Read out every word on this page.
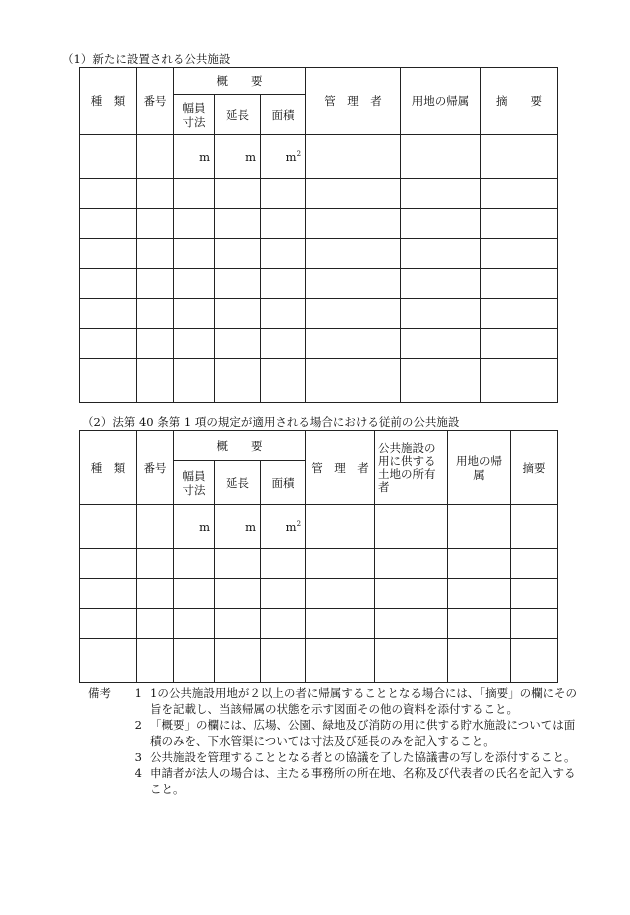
（1）新たに設置される公共施設
種　類	番号	概　　要			管　理　者	用地の帰属	摘　　要
		幅員寸法	延長	面積			
		m	m	$m^2$			

（2）法第 40 条第 1 項の規定が適用される場合における従前の公共施設
種　類	番号	概　　要			管　理　者	公共施設の用に供する土地の所有者	用地の帰属	摘要
		幅員寸法	延長	面積				
		m	m	$m^2$				

備考	1 1の公共施設用地が２以上の者に帰属することとなる場合には、「摘要」の欄にその旨を記載し、当該帰属の状態を示す図面その他の資料を添付すること。
2 「概要」の欄には、広場、公園、緑地及び消防の用に供する貯水施設については面積のみを、下水管渠については寸法及び延長のみを記入すること。
3 公共施設を管理することとなる者との協議を了した協議書の写しを添付すること。
4 申請者が法人の場合は、主たる事務所の所在地、名称及び代表者の氏名を記入すること。
